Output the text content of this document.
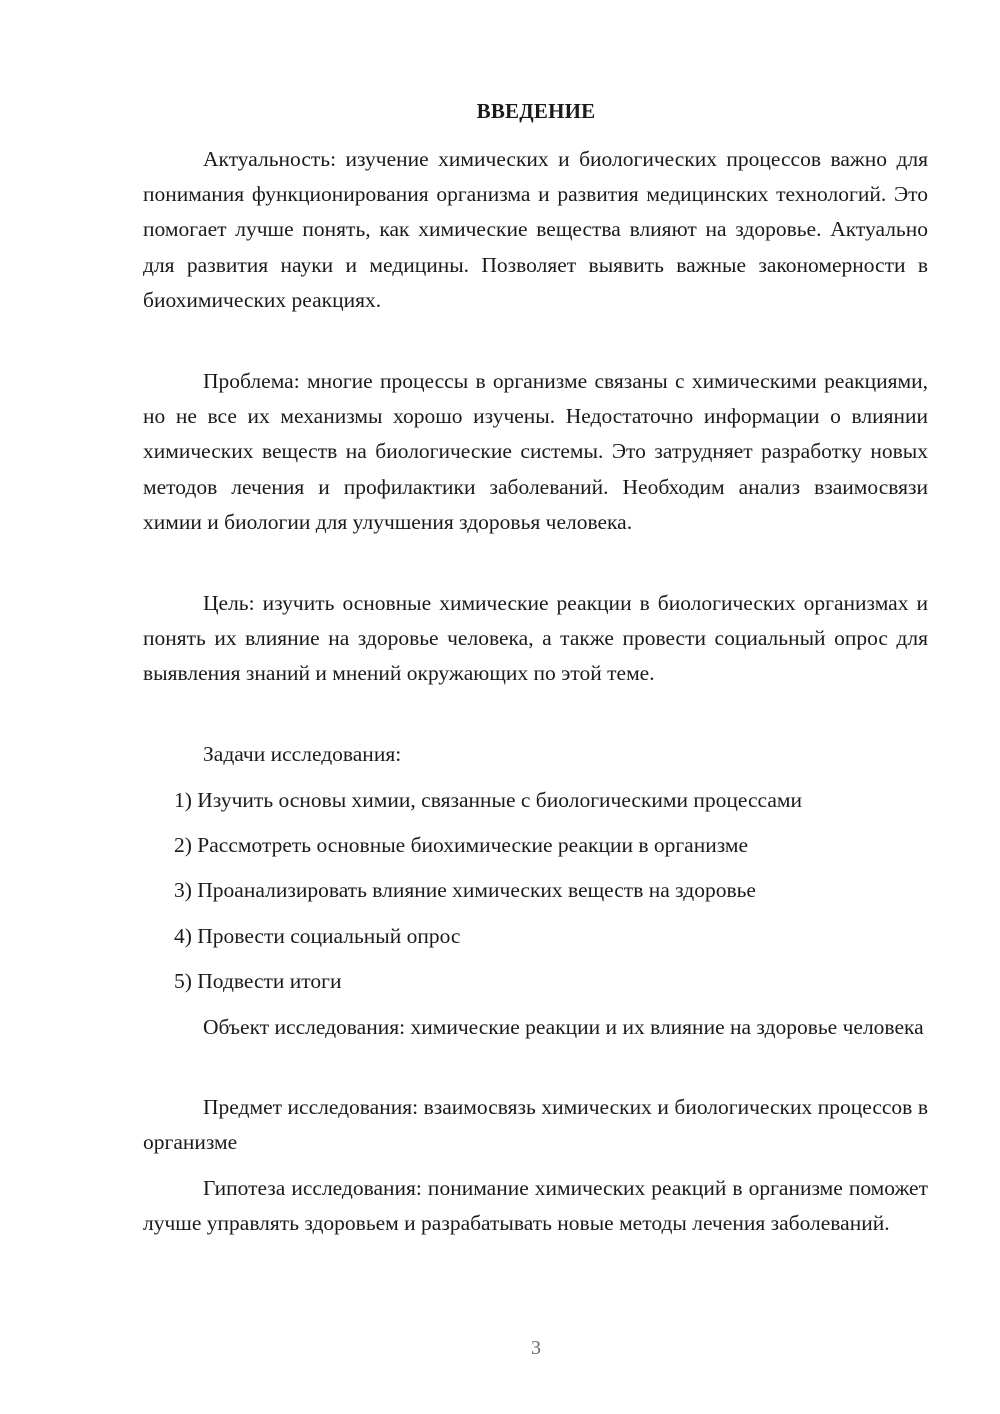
ВВЕДЕНИЕ

Актуальность: изучение химических и биологических процессов важно для понимания функционирования организма и развития медицинских технологий. Это помогает лучше понять, как химические вещества влияют на здоровье. Актуально для развития науки и медицины. Позволяет выявить важные закономерности в биохимических реакциях.

Проблема: многие процессы в организме связаны с химическими реакциями, но не все их механизмы хорошо изучены. Недостаточно информации о влиянии химических веществ на биологические системы. Это затрудняет разработку новых методов лечения и профилактики заболеваний. Необходим анализ взаимосвязи химии и биологии для улучшения здоровья человека.

Цель: изучить основные химические реакции в биологических организмах и понять их влияние на здоровье человека, а также провести социальный опрос для выявления знаний и мнений окружающих по этой теме.

Задачи исследования:

1) Изучить основы химии, связанные с биологическими процессами

2) Рассмотреть основные биохимические реакции в организме

3) Проанализировать влияние химических веществ на здоровье

4) Провести социальный опрос

5) Подвести итоги

Объект исследования: химические реакции и их влияние на здоровье человека

Предмет исследования: взаимосвязь химических и биологических процессов в организме

Гипотеза исследования: понимание химических реакций в организме поможет лучше управлять здоровьем и разрабатывать новые методы лечения заболеваний.

3
